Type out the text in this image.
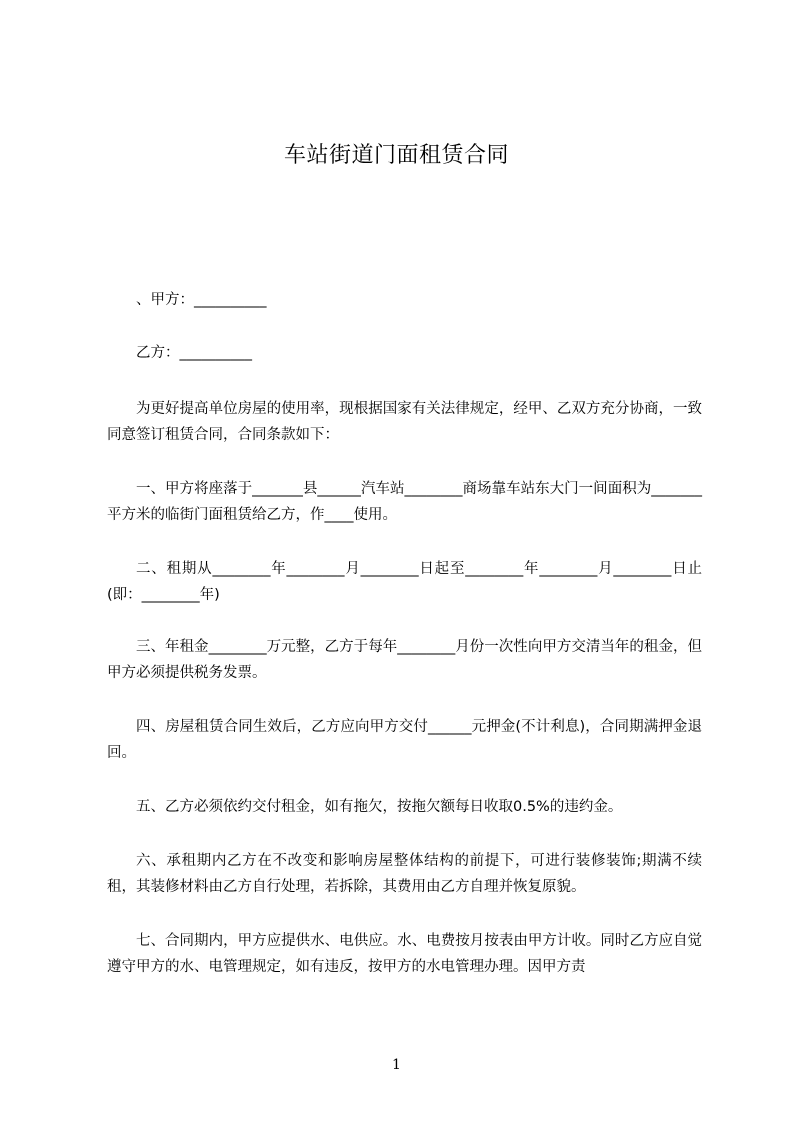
车站街道门面租赁合同

、甲方：__________

乙方：__________

为更好提高单位房屋的使用率，现根据国家有关法律规定，经甲、乙双方充分协商，一致同意签订租赁合同，合同条款如下：

一、甲方将座落于_______县______汽车站________商场靠车站东大门一间面积为_______平方米的临街门面租赁给乙方，作____使用。

二、租期从________年________月________日起至________年________月________日止(即：________年)

三、年租金________万元整，乙方于每年________月份一次性向甲方交清当年的租金，但甲方必须提供税务发票。

四、房屋租赁合同生效后，乙方应向甲方交付______元押金(不计利息)，合同期满押金退回。

五、乙方必须依约交付租金，如有拖欠，按拖欠额每日收取0.5%的违约金。

六、承租期内乙方在不改变和影响房屋整体结构的前提下，可进行装修装饰;期满不续租，其装修材料由乙方自行处理，若拆除，其费用由乙方自理并恢复原貌。

七、合同期内，甲方应提供水、电供应。水、电费按月按表由甲方计收。同时乙方应自觉遵守甲方的水、电管理规定，如有违反，按甲方的水电管理办理。因甲方责

1
